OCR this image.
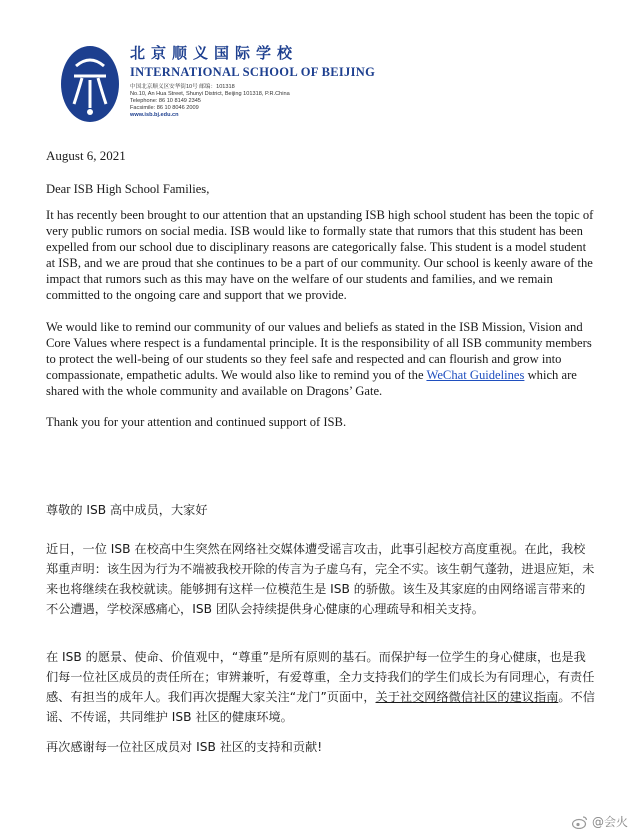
北京顺义国际学校
INTERNATIONAL SCHOOL OF BEIJING
中国北京顺义区安华街10号 邮编：101318
No.10, An Hua Street, Shunyi District, Beijing 101318, P.R.China
Telephone: 86 10 8149 2345
Facsimile: 86 10 8046 2009
www.isb.bj.edu.cn
August 6, 2021

Dear ISB High School Families,

It has recently been brought to our attention that an upstanding ISB high school student has been the topic of very public rumors on social media. ISB would like to formally state that rumors that this student has been expelled from our school due to disciplinary reasons are categorically false. This student is a model student at ISB, and we are proud that she continues to be a part of our community. Our school is keenly aware of the impact that rumors such as this may have on the welfare of our students and families, and we remain committed to the ongoing care and support that we provide.

We would like to remind our community of our values and beliefs as stated in the ISB Mission, Vision and Core Values where respect is a fundamental principle. It is the responsibility of all ISB community members to protect the well-being of our students so they feel safe and respected and can flourish and grow into compassionate, empathetic adults. We would also like to remind you of the WeChat Guidelines which are shared with the whole community and available on Dragons’ Gate.

Thank you for your attention and continued support of ISB.

尊敬的 ISB 高中成员，大家好

近日，一位 ISB 在校高中生突然在网络社交媒体遭受谣言攻击，此事引起校方高度重视。在此，我校郑重声明：该生因为行为不端被我校开除的传言为子虚乌有，完全不实。该生朝气蓬勃，进退应矩，未来也将继续在我校就读。能够拥有这样一位模范生是 ISB 的骄傲。该生及其家庭的由网络谣言带来的不公遭遇，学校深感痛心，ISB 团队会持续提供身心健康的心理疏导和相关支持。

在 ISB 的愿景、使命、价值观中，“尊重”是所有原则的基石。而保护每一位学生的身心健康，也是我们每一位社区成员的责任所在；审辨兼听，有爱尊重，全力支持我们的学生们成长为有同理心，有责任感、有担当的成年人。我们再次提醒大家关注“龙门”页面中，关于社交网络微信社区的建议指南。不信谣、不传谣，共同维护 ISB 社区的健康环境。

再次感谢每一位社区成员对 ISB 社区的支持和贡献!

@会火
